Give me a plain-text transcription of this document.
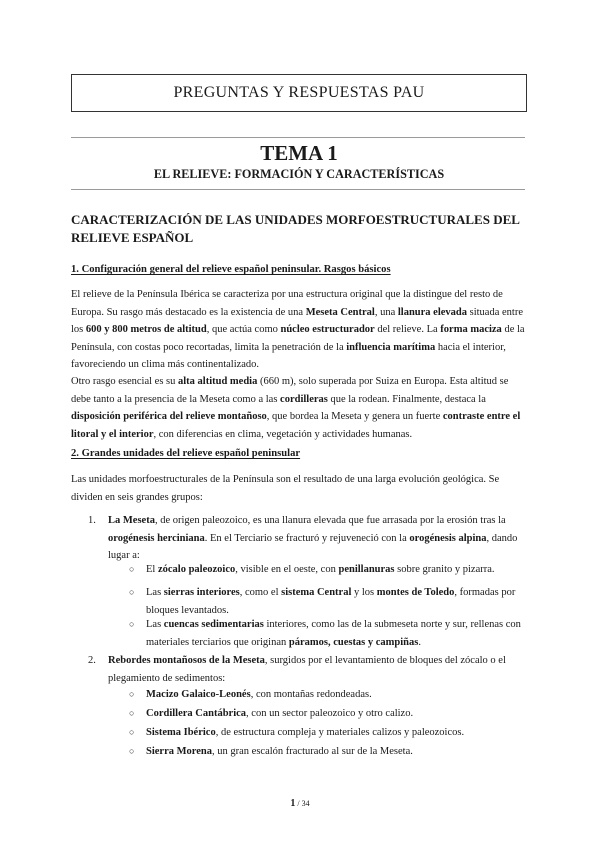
PREGUNTAS Y RESPUESTAS PAU
TEMA 1
EL RELIEVE: FORMACIÓN Y CARACTERÍSTICAS
CARACTERIZACIÓN DE LAS UNIDADES MORFOESTRUCTURALES DEL RELIEVE ESPAÑOL
1. Configuración general del relieve español peninsular. Rasgos básicos

El relieve de la Península Ibérica se caracteriza por una estructura original que la distingue del resto de Europa. Su rasgo más destacado es la existencia de una Meseta Central, una llanura elevada situada entre los 600 y 800 metros de altitud, que actúa como núcleo estructurador del relieve. La forma maciza de la Península, con costas poco recortadas, limita la penetración de la influencia marítima hacia el interior, favoreciendo un clima más continentalizado.

Otro rasgo esencial es su alta altitud media (660 m), solo superada por Suiza en Europa. Esta altitud se debe tanto a la presencia de la Meseta como a las cordilleras que la rodean. Finalmente, destaca la disposición periférica del relieve montañoso, que bordea la Meseta y genera un fuerte contraste entre el litoral y el interior, con diferencias en clima, vegetación y actividades humanas.

2. Grandes unidades del relieve español peninsular

Las unidades morfoestructurales de la Península son el resultado de una larga evolución geológica. Se dividen en seis grandes grupos:

1. La Meseta, de origen paleozoico, es una llanura elevada que fue arrasada por la erosión tras la orogénesis herciniana. En el Terciario se fracturó y rejuveneció con la orogénesis alpina, dando lugar a:
○ El zócalo paleozoico, visible en el oeste, con penillanuras sobre granito y pizarra.
○ Las sierras interiores, como el sistema Central y los montes de Toledo, formadas por bloques levantados.
○ Las cuencas sedimentarias interiores, como las de la submeseta norte y sur, rellenas con materiales terciarios que originan páramos, cuestas y campiñas.
2. Rebordes montañosos de la Meseta, surgidos por el levantamiento de bloques del zócalo o el plegamiento de sedimentos:
○ Macizo Galaico-Leonés, con montañas redondeadas.
○ Cordillera Cantábrica, con un sector paleozoico y otro calizo.
○ Sistema Ibérico, de estructura compleja y materiales calizos y paleozoicos.
○ Sierra Morena, un gran escalón fracturado al sur de la Meseta.
1 / 34
